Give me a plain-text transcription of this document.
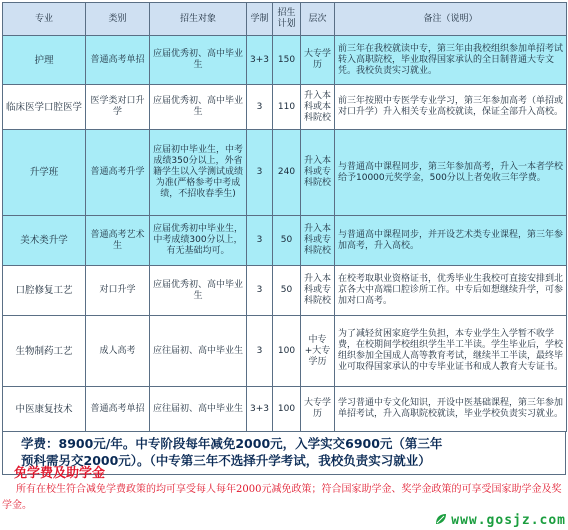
专业	类别	招生对象	学制	招生计划	层次	备注（说明）
护理	普通高考单招	应届优秀初、高中毕业生	3+3	150	大专学历	前三年在我校就读中专，第三年由我校组织参加单招考试转入高职院校，毕业取得国家承认的全日制普通大专文凭。我校负责实习就业。
临床医学口腔医学	医学类对口升学	应届优秀初、高中毕业生	3	110	升入本科或本科院校	前三年按照中专医学专业学习，第三年参加高考（单招或对口升学）升入相关专业高校就读，保证全部升入高校。
升学班	普通高考升学	应届初中毕业生，中考成绩350分以上，外省籍学生以入学测试成绩为准(严格参考中考成绩，不招收春季生)	3	240	升入本科或专科院校	与普通高中课程同步，第三年参加高考，升入一本者学校给予10000元奖学金，500分以上者免收三年学费。
美术类升学	普通高考艺术生	应届优秀初中毕业生，中考成绩300分以上，有无基础均可。	3	50	升入本科或专科院校	与普通高中课程同步，并开设艺术类专业课程，第三年参加高考，升入高校。
口腔修复工艺	对口升学	应届优秀初、高中毕业生	3	50	升入本科或专科院校	在校考取职业资格证书，优秀毕业生我校可直接安排到北京各大中高端口腔诊所工作。中专后如想继续升学，可参加对口高考。
生物制药工艺	成人高考	应往届初、高中毕业生	3	100	中专+大专学历	为了减轻贫困家庭学生负担，本专业学生入学暂不收学费，在校期间学校组织学生半工半读。学生毕业后，学校组织参加全国成人高等教育考试，继续半工半读，最终毕业可取得国家承认的中专毕业证书和成人教育大专证书。
中医康复技术	普通高考单招	应往届初、高中毕业生	3+3	100	大专学历	学习普通中专文化知识，开设中医基础课程，第三年参加单招考试，升入高职院校就读，毕业学校负责实习就业。
学费：8900元/年。中专阶段每年减免2000元，入学实交6900元（第三年
预科需另交2000元）。（中专第三年不选择升学考试，我校负责实习就业）
免学费及助学金
所有在校生符合减免学费政策的均可享受每人每年2000元减免政策；符合国家助学金、奖学金政策的可享受国家助学金及奖学金。
www.gosjz.com
